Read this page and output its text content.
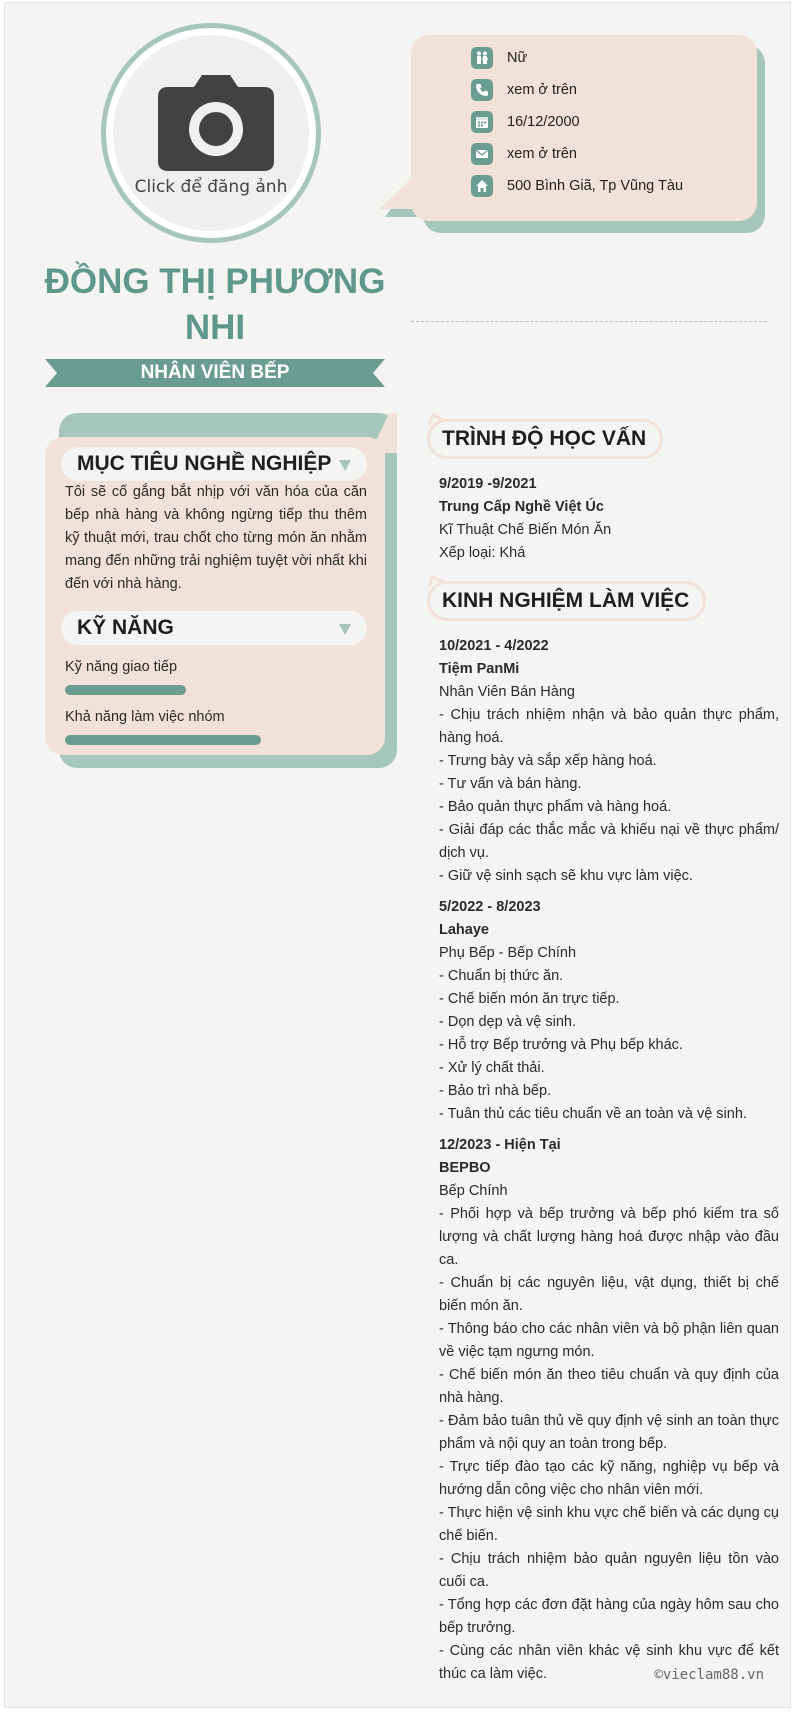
Click để đăng ảnh
Nữ
xem ở trên
16/12/2000
xem ở trên
500 Bình Giã, Tp Vũng Tàu
ĐỒNG THỊ PHƯƠNG
NHI
NHÂN VIÊN BẾP
MỤC TIÊU NGHỀ NGHIỆP
Tôi sẽ cố gắng bắt nhịp với văn hóa của căn bếp nhà hàng và không ngừng tiếp thu thêm kỹ thuật mới, trau chốt cho từng món ăn nhằm mang đến những trải nghiệm tuyệt vời nhất khi đến với nhà hàng.
KỸ NĂNG
Kỹ năng giao tiếp
Khả năng làm việc nhóm
TRÌNH ĐỘ HỌC VẤN
9/2019 -9/2021
Trung Cấp Nghề Việt Úc
Kĩ Thuật Chế Biến Món Ăn
Xếp loại: Khá
KINH NGHIỆM LÀM VIỆC
10/2021 - 4/2022
Tiệm PanMi
Nhân Viên Bán Hàng
- Chịu trách nhiệm nhận và bảo quản thực phẩm, hàng hoá.
- Trưng bày và sắp xếp hàng hoá.
- Tư vấn và bán hàng.
- Bảo quản thực phẩm và hàng hoá.
- Giải đáp các thắc mắc và khiếu nại về thực phẩm/ dịch vụ.
- Giữ vệ sinh sạch sẽ khu vực làm việc.
5/2022 - 8/2023
Lahaye
Phụ Bếp - Bếp Chính
- Chuẩn bị thức ăn.
- Chế biến món ăn trực tiếp.
- Dọn dẹp và vệ sinh.
- Hỗ trợ Bếp trưởng và Phụ bếp khác.
- Xử lý chất thải.
- Bảo trì nhà bếp.
- Tuân thủ các tiêu chuẩn về an toàn và vệ sinh.
12/2023 - Hiện Tại
BEPBO
Bếp Chính
- Phối hợp và bếp trưởng và bếp phó kiểm tra số lượng và chất lượng hàng hoá được nhập vào đầu ca.
- Chuẩn bị các nguyên liệu, vật dụng, thiết bị chế biến món ăn.
- Thông báo cho các nhân viên và bộ phận liên quan về việc tạm ngưng món.
- Chế biến món ăn theo tiêu chuẩn và quy định của nhà hàng.
- Đảm bảo tuân thủ về quy định vệ sinh an toàn thực phẩm và nội quy an toàn trong bếp.
- Trực tiếp đào tạo các kỹ năng, nghiệp vụ bếp và hướng dẫn công việc cho nhân viên mới.
- Thực hiện vệ sinh khu vực chế biến và các dụng cụ chế biến.
- Chịu trách nhiệm bảo quản nguyên liệu tồn vào cuối ca.
- Tổng hợp các đơn đặt hàng của ngày hôm sau cho bếp trưởng.
- Cùng các nhân viên khác vệ sinh khu vực để kết thúc ca làm việc.	©vieclam88.vn
